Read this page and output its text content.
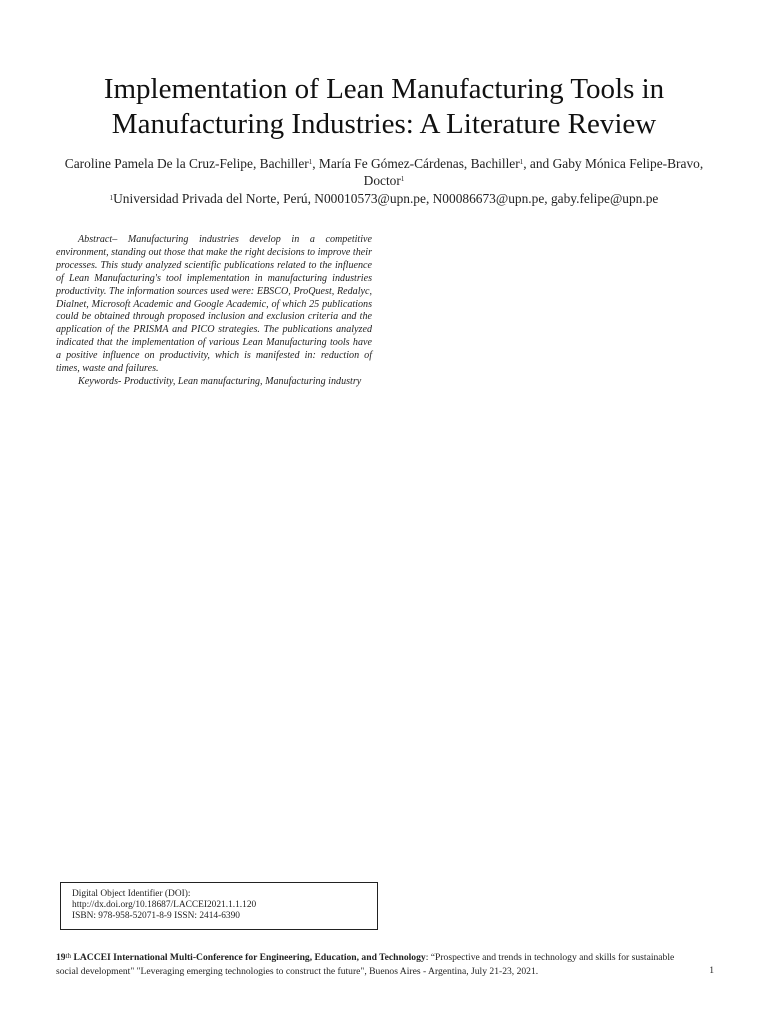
Implementation of Lean Manufacturing Tools in
Manufacturing Industries: A Literature Review
Caroline Pamela De la Cruz-Felipe, Bachiller$^1$, María Fe Gómez-Cárdenas, Bachiller$^1$, and Gaby Mónica Felipe-Bravo, Doctor$^1$
$^1$Universidad Privada del Norte, Perú, N00010573@upn.pe, N00086673@upn.pe, gaby.felipe@upn.pe

Abstract– Manufacturing industries develop in a competitive environment, standing out those that make the right decisions to improve their processes. This study analyzed scientific publications related to the influence of Lean Manufacturing's tool implementation in manufacturing industries productivity. The information sources used were: EBSCO, ProQuest, Redalyc, Dialnet, Microsoft Academic and Google Academic, of which 25 publications could be obtained through proposed inclusion and exclusion criteria and the application of the PRISMA and PICO strategies. The publications analyzed indicated that the implementation of various Lean Manufacturing tools have a positive influence on productivity, which is manifested in: reduction of times, waste and failures.

Keywords- Productivity, Lean manufacturing, Manufacturing industry

Digital Object Identifier (DOI):
http://dx.doi.org/10.18687/LACCEI2021.1.1.120
ISBN: 978-958-52071-8-9 ISSN: 2414-6390
19th LACCEI International Multi-Conference for Engineering, Education, and Technology: “Prospective and trends in technology and skills for sustainable social development" "Leveraging emerging technologies to construct the future", Buenos Aires - Argentina, July 21-23, 2021.	1
